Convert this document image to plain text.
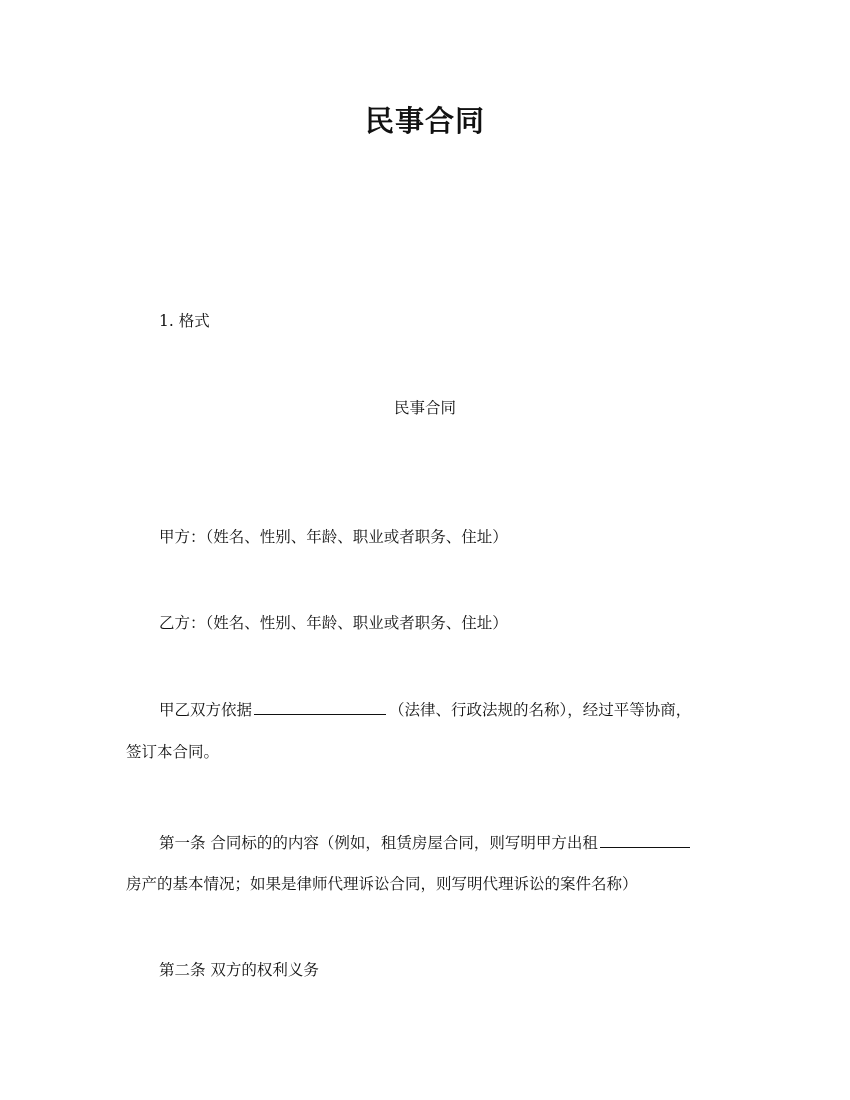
民事合同
1. 格式
民事合同
甲方：（姓名、性别、年龄、职业或者职务、住址）
乙方：（姓名、性别、年龄、职业或者职务、住址）
甲乙双方依据	（法律、行政法规的名称），经过平等协商，
签订本合同。
第一条 合同标的的内容（例如，租赁房屋合同，则写明甲方出租
房产的基本情况；如果是律师代理诉讼合同，则写明代理诉讼的案件名称）
第二条 双方的权利义务
